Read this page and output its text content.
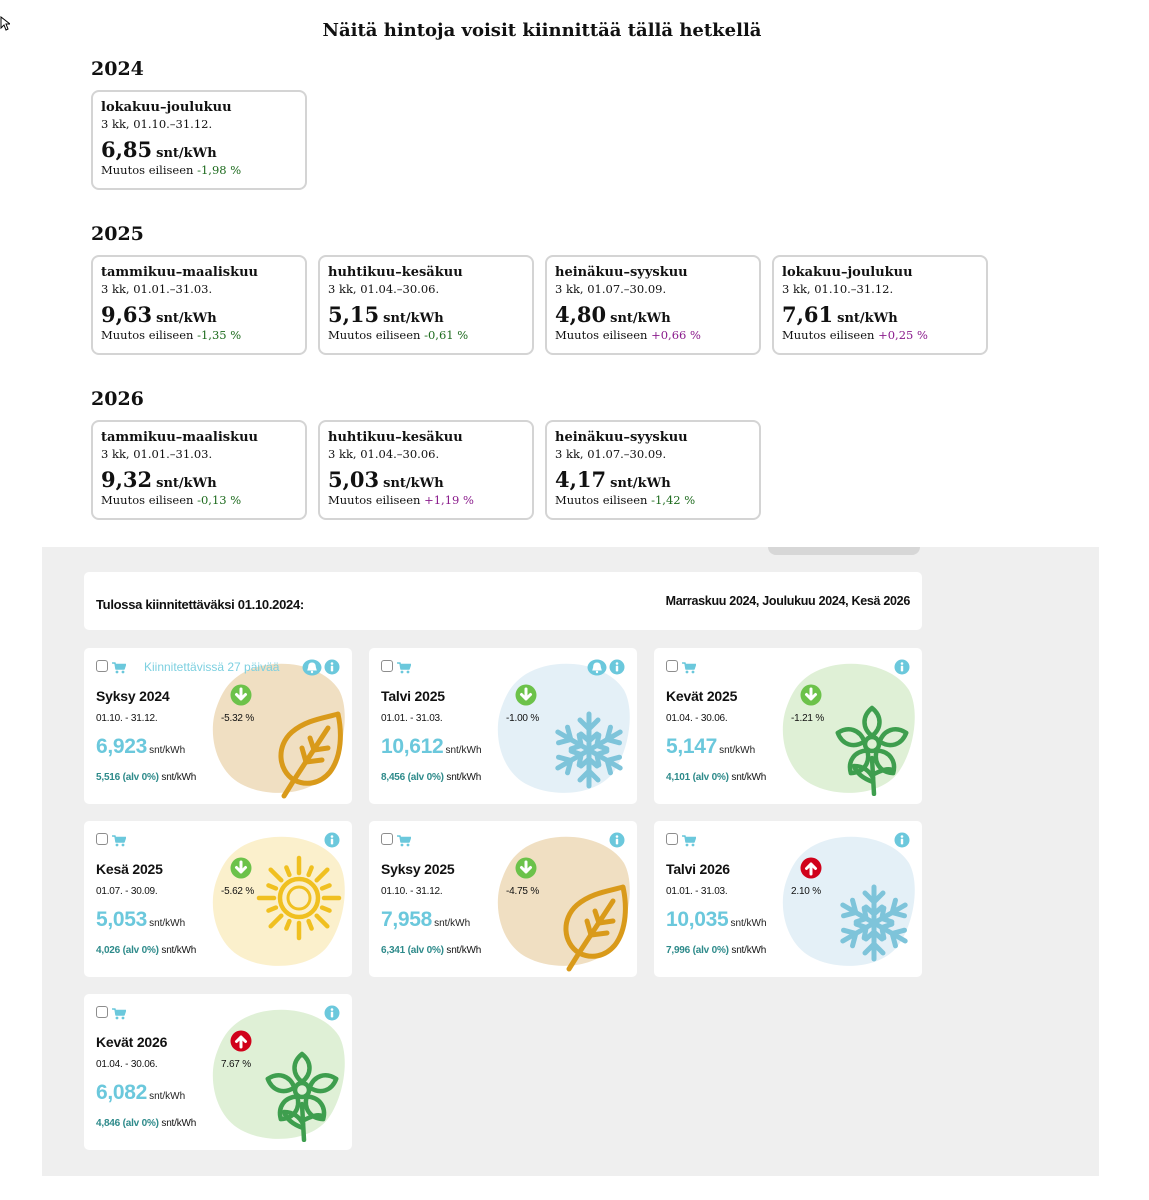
Näitä hintoja voisit kiinnittää tällä hetkellä
2024
lokakuu–joulukuu
3 kk, 01.10.–31.12.
6,85 snt/kWh
Muutos eiliseen -1,98 %
2025
tammikuu–maaliskuu
3 kk, 01.01.–31.03.
9,63 snt/kWh
Muutos eiliseen -1,35 %
huhtikuu–kesäkuu
3 kk, 01.04.–30.06.
5,15 snt/kWh
Muutos eiliseen -0,61 %
heinäkuu–syyskuu
3 kk, 01.07.–30.09.
4,80 snt/kWh
Muutos eiliseen +0,66 %
lokakuu–joulukuu
3 kk, 01.10.–31.12.
7,61 snt/kWh
Muutos eiliseen +0,25 %
2026
tammikuu–maaliskuu
3 kk, 01.01.–31.03.
9,32 snt/kWh
Muutos eiliseen -0,13 %
huhtikuu–kesäkuu
3 kk, 01.04.–30.06.
5,03 snt/kWh
Muutos eiliseen +1,19 %
heinäkuu–syyskuu
3 kk, 01.07.–30.09.
4,17 snt/kWh
Muutos eiliseen -1,42 %
Tulossa kiinnitettäväksi 01.10.2024:	Marraskuu 2024, Joulukuu 2024, Kesä 2026
Kiinnitettävissä 27 päivää
Syksy 2024
01.10. - 31.12.	-5.32 %
6,923 snt/kWh
5,516 (alv 0%) snt/kWh
Talvi 2025
01.01. - 31.03.	-1.00 %
10,612 snt/kWh
8,456 (alv 0%) snt/kWh
Kevät 2025
01.04. - 30.06.	-1.21 %
5,147 snt/kWh
4,101 (alv 0%) snt/kWh
Kesä 2025
01.07. - 30.09.	-5.62 %
5,053 snt/kWh
4,026 (alv 0%) snt/kWh
Syksy 2025
01.10. - 31.12.	-4.75 %
7,958 snt/kWh
6,341 (alv 0%) snt/kWh
Talvi 2026
01.01. - 31.03.	2.10 %
10,035 snt/kWh
7,996 (alv 0%) snt/kWh
Kevät 2026
01.04. - 30.06.	7.67 %
6,082 snt/kWh
4,846 (alv 0%) snt/kWh
